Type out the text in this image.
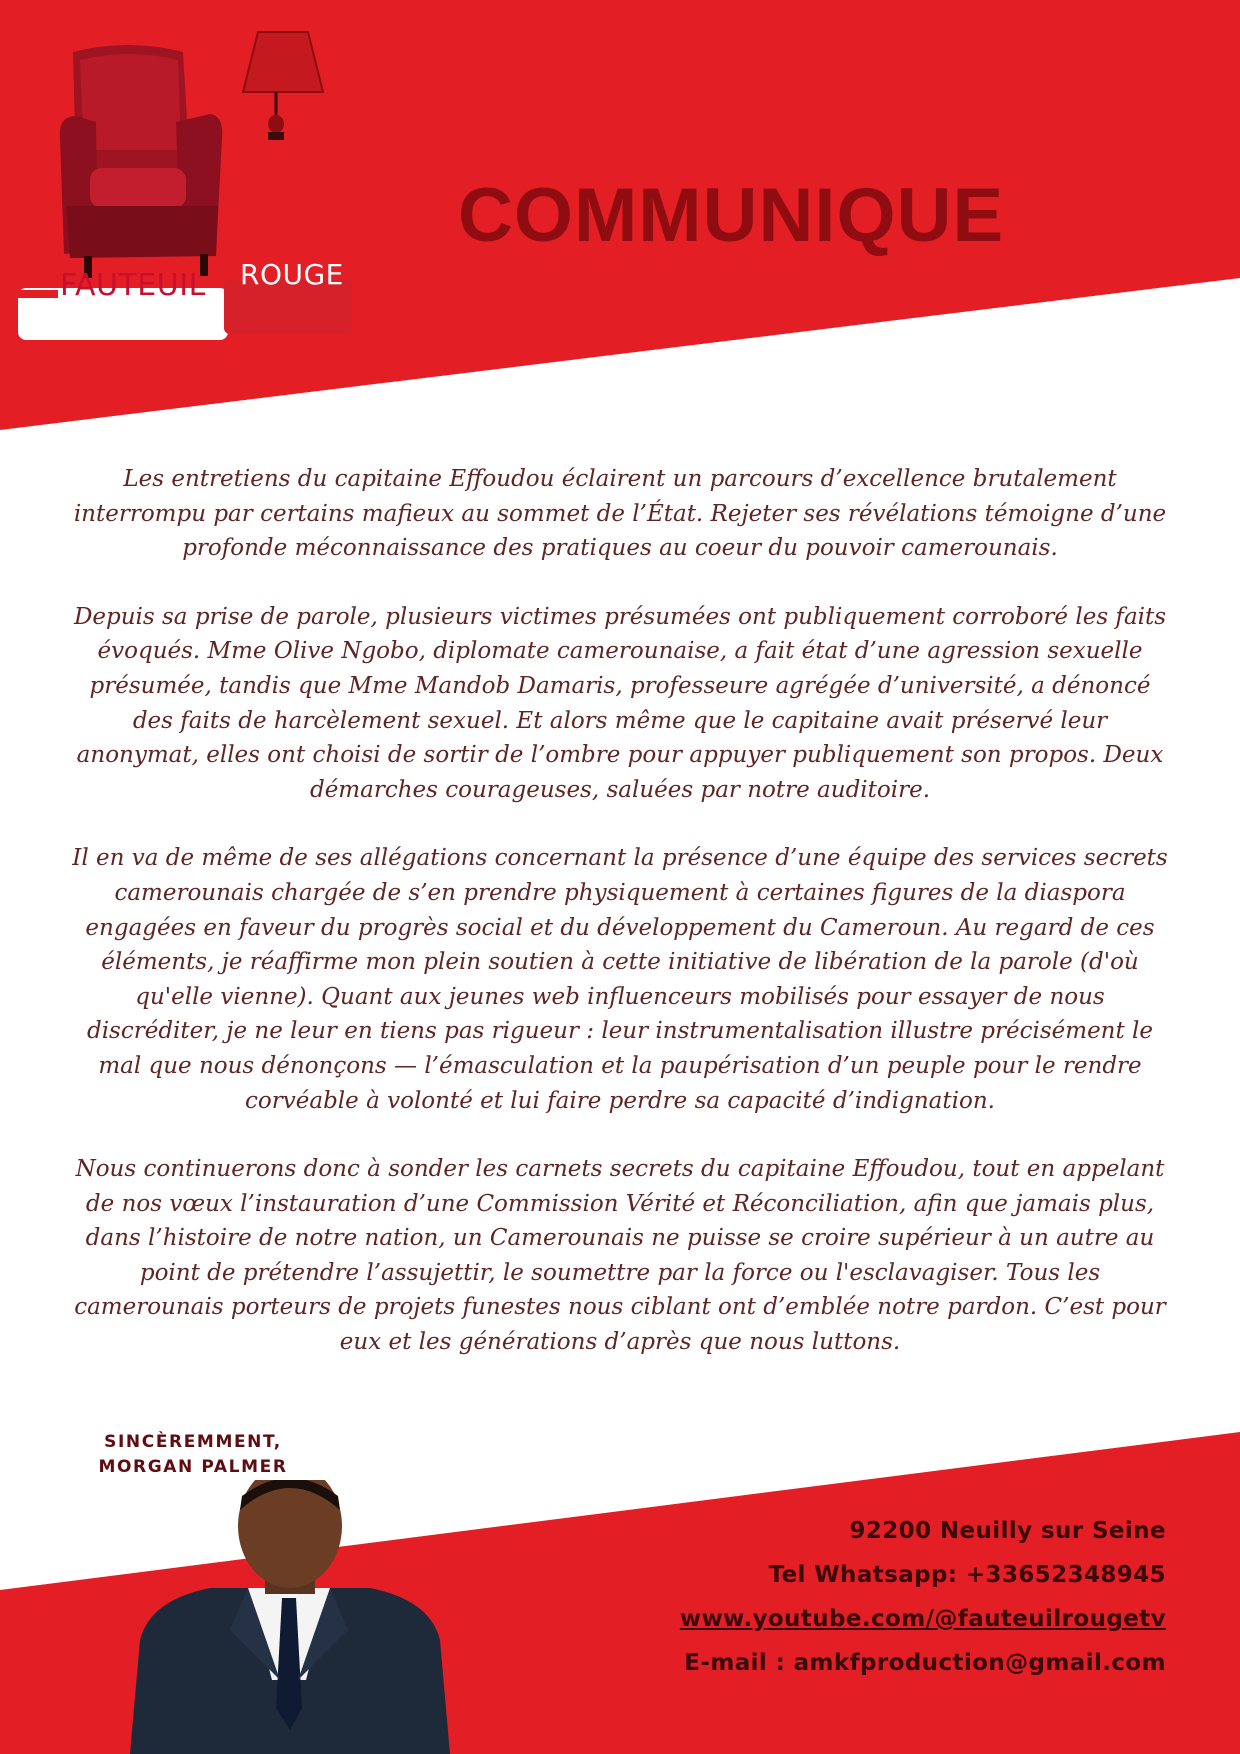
FAUTEUIL ROUGE
COMMUNIQUE

Les entretiens du capitaine Effoudou éclairent un parcours d’excellence brutalement interrompu par certains mafieux au sommet de l’État. Rejeter ses révélations témoigne d’une profonde méconnaissance des pratiques au coeur du pouvoir camerounais.

Depuis sa prise de parole, plusieurs victimes présumées ont publiquement corroboré les faits évoqués. Mme Olive Ngobo, diplomate camerounaise, a fait état d’une agression sexuelle présumée, tandis que Mme Mandob Damaris, professeure agrégée d’université, a dénoncé des faits de harcèlement sexuel. Et alors même que le capitaine avait préservé leur anonymat, elles ont choisi de sortir de l’ombre pour appuyer publiquement son propos. Deux démarches courageuses, saluées par notre auditoire.

Il en va de même de ses allégations concernant la présence d’une équipe des services secrets camerounais chargée de s’en prendre physiquement à certaines figures de la diaspora engagées en faveur du progrès social et du développement du Cameroun. Au regard de ces éléments, je réaffirme mon plein soutien à cette initiative de libération de la parole (d'où qu'elle vienne). Quant aux jeunes web influenceurs mobilisés pour essayer de nous discréditer, je ne leur en tiens pas rigueur : leur instrumentalisation illustre précisément le mal que nous dénonçons — l’émasculation et la paupérisation d’un peuple pour le rendre corvéable à volonté et lui faire perdre sa capacité d’indignation.

Nous continuerons donc à sonder les carnets secrets du capitaine Effoudou, tout en appelant de nos vœux l’instauration d’une Commission Vérité et Réconciliation, afin que jamais plus, dans l’histoire de notre nation, un Camerounais ne puisse se croire supérieur à un autre au point de prétendre l’assujettir, le soumettre par la force ou l'esclavagiser. Tous les camerounais porteurs de projets funestes nous ciblant ont d’emblée notre pardon. C’est pour eux et les générations d’après que nous luttons.

SINCÈREMMENT,
MORGAN PALMER
92200 Neuilly sur Seine
Tel Whatsapp: +33652348945
www.youtube.com/@fauteuilrougetv
E-mail : amkfproduction@gmail.com
